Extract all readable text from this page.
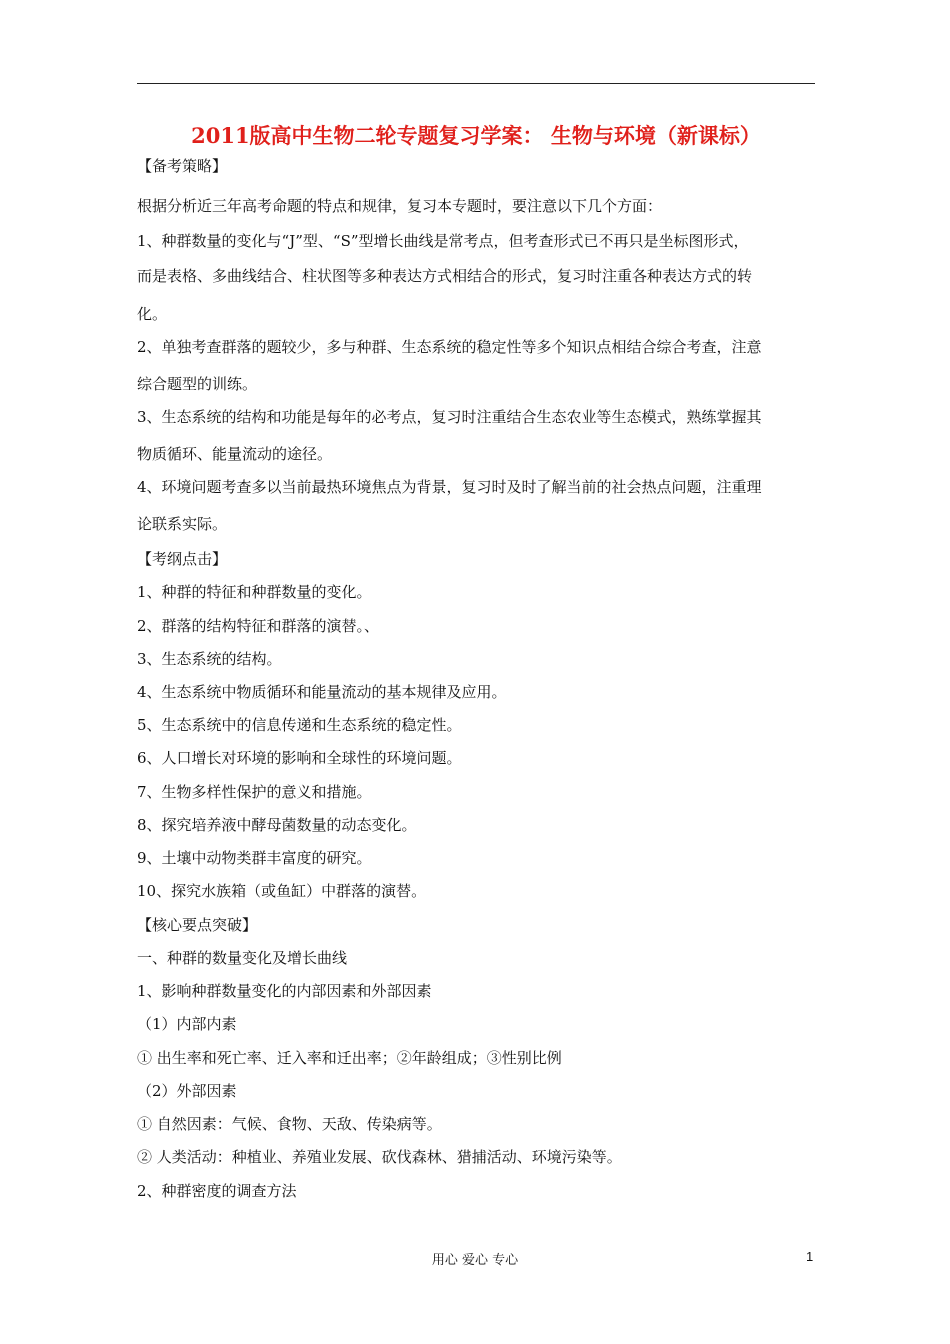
2011版高中生物二轮专题复习学案： 生物与环境（新课标）
【备考策略】
根据分析近三年高考命题的特点和规律，复习本专题时，要注意以下几个方面：
1、种群数量的变化与“J”型、“S”型增长曲线是常考点，但考查形式已不再只是坐标图形式，
而是表格、多曲线结合、柱状图等多种表达方式相结合的形式，复习时注重各种表达方式的转
化。
2、单独考查群落的题较少，多与种群、生态系统的稳定性等多个知识点相结合综合考查，注意
综合题型的训练。
3、生态系统的结构和功能是每年的必考点，复习时注重结合生态农业等生态模式，熟练掌握其
物质循环、能量流动的途径。
4、环境问题考查多以当前最热环境焦点为背景，复习时及时了解当前的社会热点问题，注重理
论联系实际。
【考纲点击】
1、种群的特征和种群数量的变化。
2、群落的结构特征和群落的演替。、
3、生态系统的结构。
4、生态系统中物质循环和能量流动的基本规律及应用。
5、生态系统中的信息传递和生态系统的稳定性。
6、人口增长对环境的影响和全球性的环境问题。
7、生物多样性保护的意义和措施。
8、探究培养液中酵母菌数量的动态变化。
9、土壤中动物类群丰富度的研究。
10、探究水族箱（或鱼缸）中群落的演替。
【核心要点突破】
一、种群的数量变化及增长曲线
1、影响种群数量变化的内部因素和外部因素
（1）内部内素
① 出生率和死亡率、迁入率和迁出率；②年龄组成；③性别比例
（2）外部因素
① 自然因素：气候、食物、天敌、传染病等。
② 人类活动：种植业、养殖业发展、砍伐森林、猎捕活动、环境污染等。
2、种群密度的调查方法
用心 爱心 专心	1
